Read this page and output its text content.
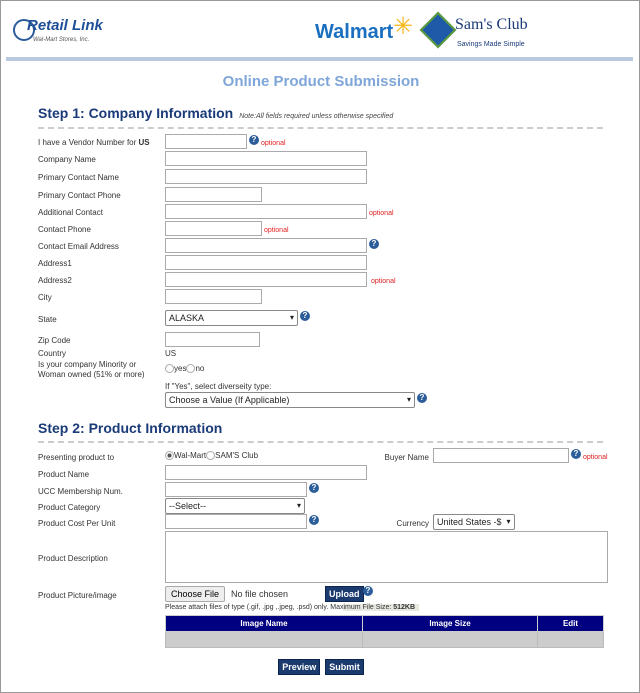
Retail Link
Wal-Mart Stores, Inc.	Walmart ✳	Sam's Club
Savings Made Simple
Online Product Submission
Step 1: Company Information Note:All fields required unless otherwise specified
I have a Vendor Number for US	? optional
Company Name
Primary Contact Name
Primary Contact Phone
Additional Contact	optional
Contact Phone	optional
Contact Email Address	?
Address1
Address2	optional
City
State	ALASKA ▾	?
Zip Code
Country	US
Is your company Minority or Woman owned (51% or more)
yes no
If "Yes", select diverseity type:
Choose a Value (If Applicable) ▾	?
Step 2: Product Information
Presenting product to	Wal-Mart SAM'S Club	Buyer Name	? optional
Product Name
UCC Membership Num.	?
Product Category	--Select-- ▾
Product Cost Per Unit	?	Currency United States -$ ▾
Product Description
Product Picture/image	Choose File	No file chosen	Upload ?
Please attach files of type (.gif, .jpg ,.jpeg, .psd) only. Maximum File Size: 512KB
Image Name	Image Size	Edit

Preview	Submit
